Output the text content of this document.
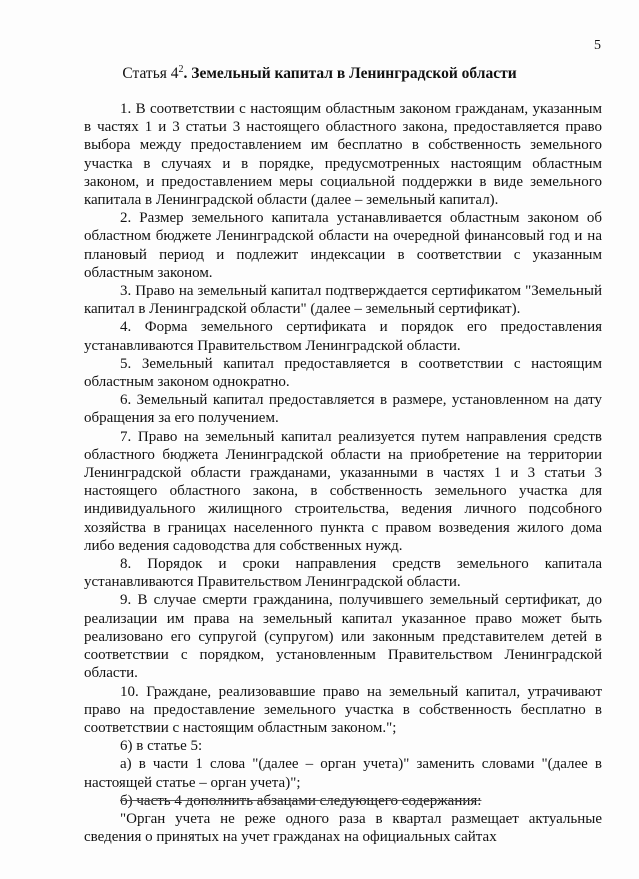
5
Статья $4^2$. Земельный капитал в Ленинградской области

1. В соответствии с настоящим областным законом гражданам, указанным в частях 1 и 3 статьи 3 настоящего областного закона, предоставляется право выбора между предоставлением им бесплатно в собственность земельного участка в случаях и в порядке, предусмотренных настоящим областным законом, и предоставлением меры социальной поддержки в виде земельного капитала в Ленинградской области (далее – земельный капитал).

2. Размер земельного капитала устанавливается областным законом об областном бюджете Ленинградской области на очередной финансовый год и на плановый период и подлежит индексации в соответствии с указанным областным законом.

3. Право на земельный капитал подтверждается сертификатом "Земельный капитал в Ленинградской области" (далее – земельный сертификат).

4. Форма земельного сертификата и порядок его предоставления устанавливаются Правительством Ленинградской области.

5. Земельный капитал предоставляется в соответствии с настоящим областным законом однократно.

6. Земельный капитал предоставляется в размере, установленном на дату обращения за его получением.

7. Право на земельный капитал реализуется путем направления средств областного бюджета Ленинградской области на приобретение на территории Ленинградской области гражданами, указанными в частях 1 и 3 статьи 3 настоящего областного закона, в собственность земельного участка для индивидуального жилищного строительства, ведения личного подсобного хозяйства в границах населенного пункта с правом возведения жилого дома либо ведения садоводства для собственных нужд.

8. Порядок и сроки направления средств земельного капитала устанавливаются Правительством Ленинградской области.

9. В случае смерти гражданина, получившего земельный сертификат, до реализации им права на земельный капитал указанное право может быть реализовано его супругой (супругом) или законным представителем детей в соответствии с порядком, установленным Правительством Ленинградской области.

10. Граждане, реализовавшие право на земельный капитал, утрачивают право на предоставление земельного участка в собственность бесплатно в соответствии с настоящим областным законом.";

6) в статье 5:

а) в части 1 слова "(далее – орган учета)" заменить словами "(далее в настоящей статье – орган учета)";

б) часть 4 дополнить абзацами следующего содержания:

"Орган учета не реже одного раза в квартал размещает актуальные сведения о принятых на учет гражданах на официальных сайтах
